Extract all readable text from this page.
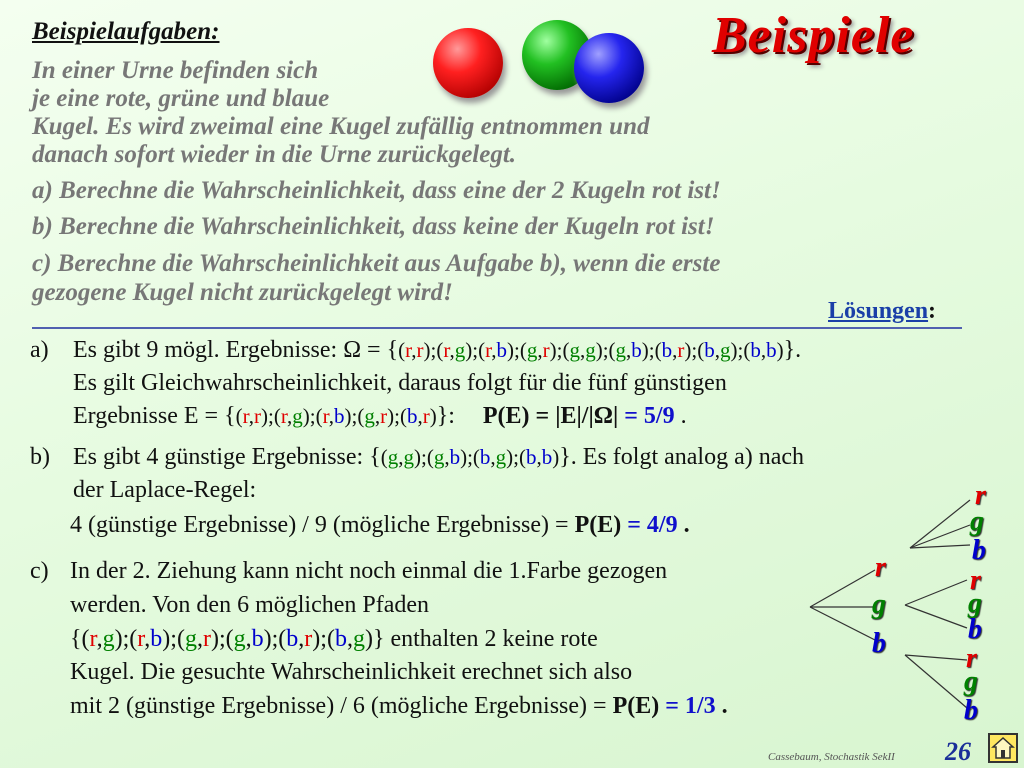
Beispiele
Beispielaufgaben:
In einer Urne befinden sich
je eine rote, grüne und blaue
Kugel. Es wird zweimal eine Kugel zufällig entnommen und
danach sofort wieder in die Urne zurückgelegt.
a) Berechne die Wahrscheinlichkeit, dass eine der 2 Kugeln rot ist!
b) Berechne die Wahrscheinlichkeit, dass keine der Kugeln rot ist!
c) Berechne die Wahrscheinlichkeit aus Aufgabe b), wenn die erste
gezogene Kugel nicht zurückgelegt wird!
Lösungen:
a) Es gibt 9 mögl. Ergebnisse: Ω = {(r,r);(r,g);(r,b);(g,r);(g,g);(g,b);(b,r);(b,g);(b,b)}.
Es gilt Gleichwahrscheinlichkeit, daraus folgt für die fünf günstigen
Ergebnisse E = {(r,r);(r,g);(r,b);(g,r);(b,r)}: P(E) = |E|/|Ω| = 5/9 .
b) Es gibt 4 günstige Ergebnisse: {(g,g);(g,b);(b,g);(b,b)}. Es folgt analog a) nach
der Laplace-Regel:
4 (günstige Ergebnisse) / 9 (mögliche Ergebnisse) = P(E) = 4/9 .
c) In der 2. Ziehung kann nicht noch einmal die 1.Farbe gezogen
werden. Von den 6 möglichen Pfaden
{(r,g);(r,b);(g,r);(g,b);(b,r);(b,g)} enthalten 2 keine rote
Kugel. Die gesuchte Wahrscheinlichkeit erechnet sich also
mit 2 (günstige Ergebnisse) / 6 (mögliche Ergebnisse) = P(E) = 1/3 .
r
g
b
r
g
b
r
g
b
r
g
b
Cassebaum, Stochastik SekII 26
